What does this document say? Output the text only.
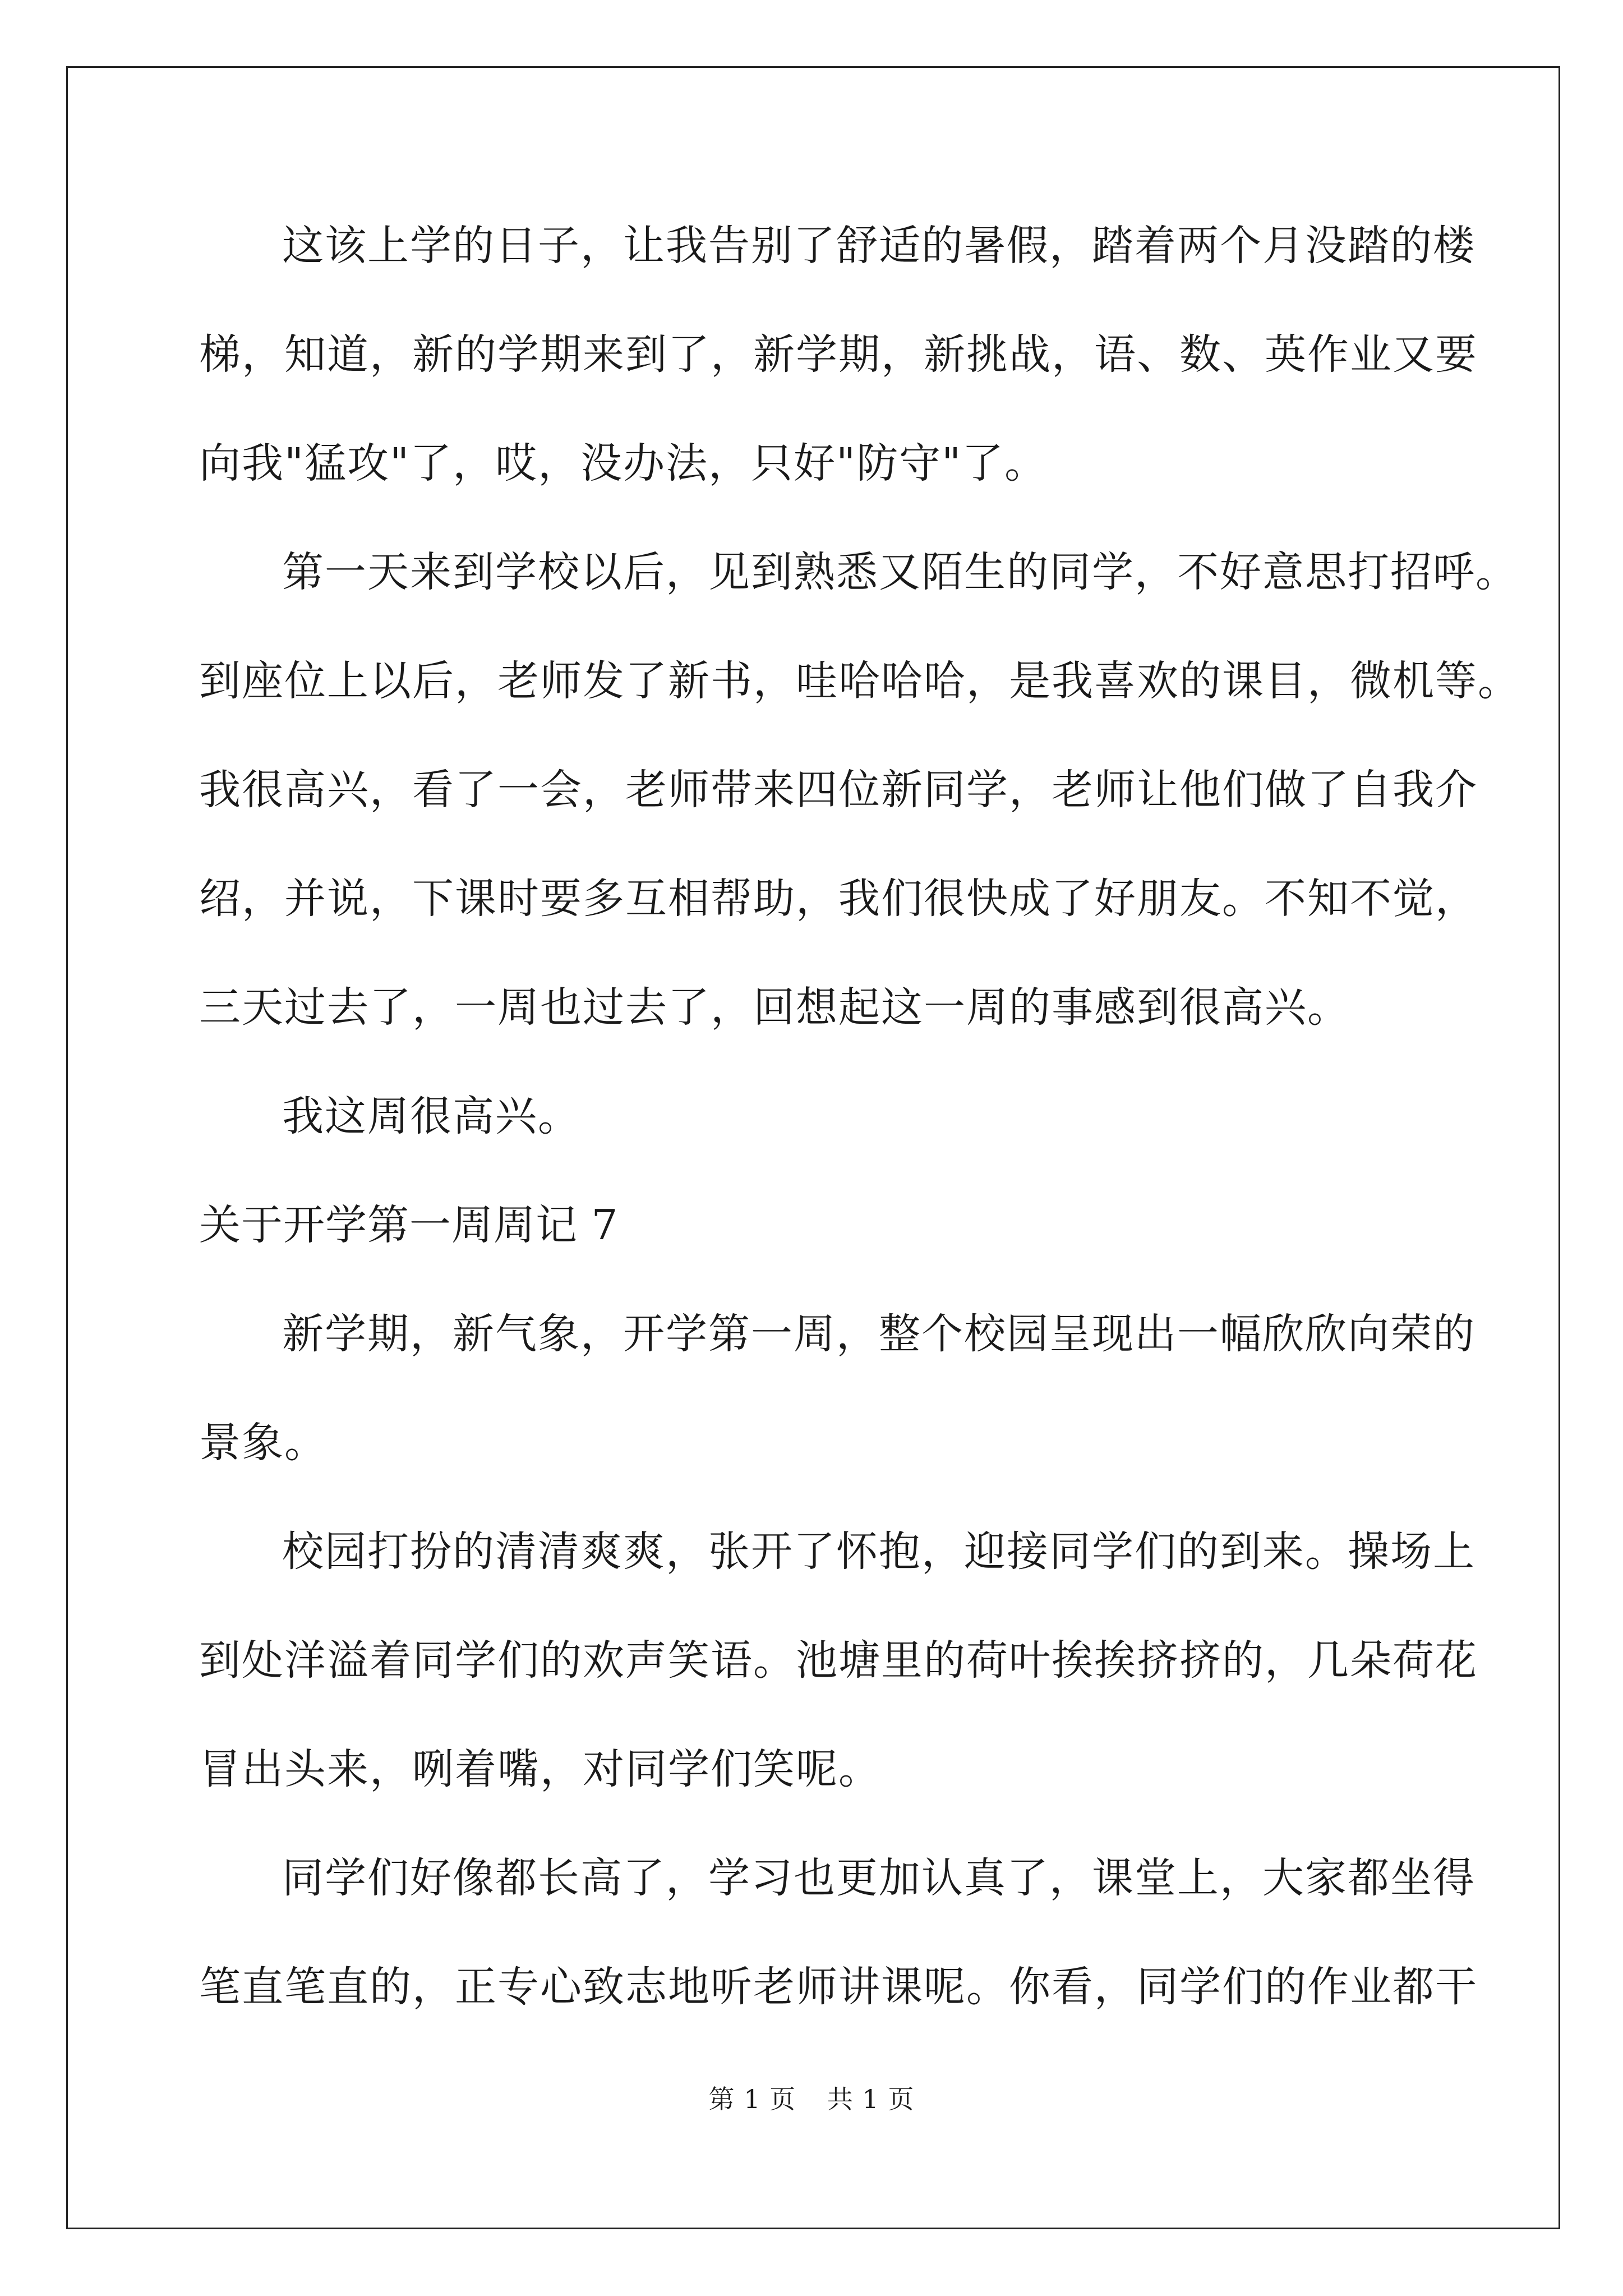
这该上学的日子，让我告别了舒适的暑假，踏着两个月没踏的楼
梯，知道，新的学期来到了，新学期，新挑战，语、数、英作业又要
向我"猛攻"了，哎，没办法，只好"防守"了。
第一天来到学校以后，见到熟悉又陌生的同学，不好意思打招呼。
到座位上以后，老师发了新书，哇哈哈哈，是我喜欢的课目，微机等。
我很高兴，看了一会，老师带来四位新同学，老师让他们做了自我介
绍，并说，下课时要多互相帮助，我们很快成了好朋友。不知不觉，
三天过去了，一周也过去了，回想起这一周的事感到很高兴。
我这周很高兴。
关于开学第一周周记 7
新学期，新气象，开学第一周，整个校园呈现出一幅欣欣向荣的
景象。
校园打扮的清清爽爽，张开了怀抱，迎接同学们的到来。操场上
到处洋溢着同学们的欢声笑语。池塘里的荷叶挨挨挤挤的，几朵荷花
冒出头来，咧着嘴，对同学们笑呢。
同学们好像都长高了，学习也更加认真了，课堂上，大家都坐得
笔直笔直的，正专心致志地听老师讲课呢。你看，同学们的作业都干
第 1 页 共 1 页
